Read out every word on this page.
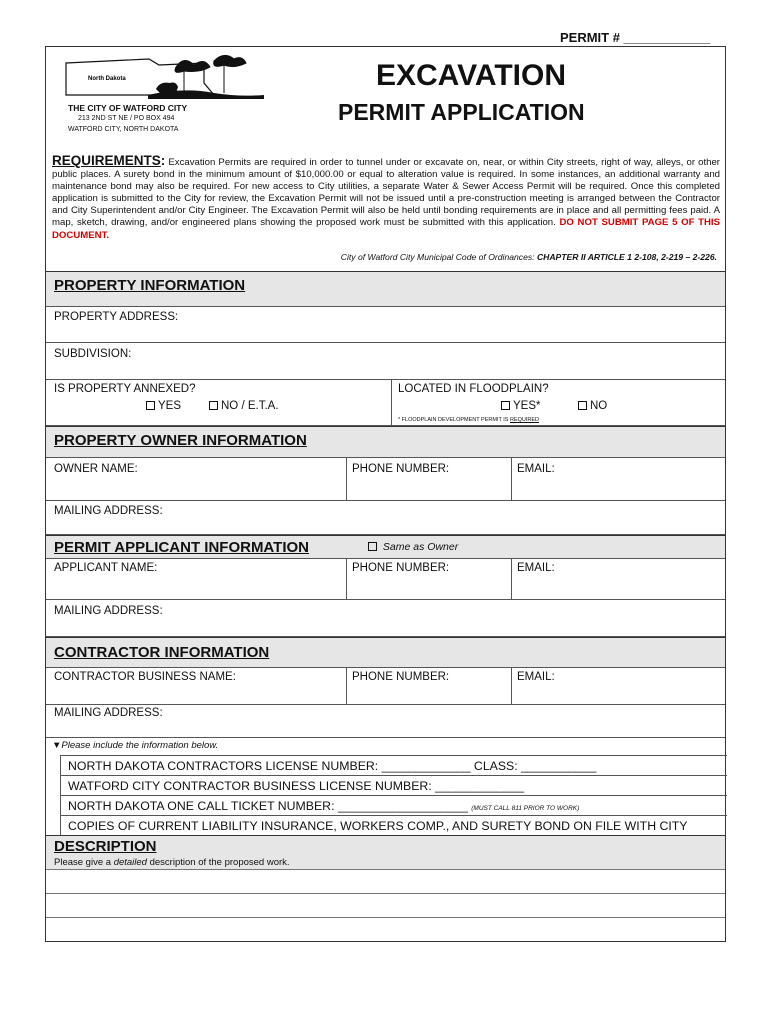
PERMIT # ____________
North Dakota
THE CITY OF WATFORD CITY
213 2ND ST NE / PO BOX 494
WATFORD CITY, NORTH DAKOTA
EXCAVATION
PERMIT APPLICATION
REQUIREMENTS: Excavation Permits are required in order to tunnel under or excavate on, near, or within City streets, right of way, alleys, or other public places. A surety bond in the minimum amount of $10,000.00 or equal to alteration value is required. In some instances, an additional warranty and maintenance bond may also be required. For new access to City utilities, a separate Water & Sewer Access Permit will be required. Once this completed application is submitted to the City for review, the Excavation Permit will not be issued until a pre-construction meeting is arranged between the Contractor and City Superintendent and/or City Engineer. The Excavation Permit will also be held until bonding requirements are in place and all permitting fees paid. A map, sketch, drawing, and/or engineered plans showing the proposed work must be submitted with this application. DO NOT SUBMIT PAGE 5 OF THIS DOCUMENT.
City of Watford City Municipal Code of Ordinances: CHAPTER II ARTICLE 1 2-108, 2-219 – 2-226.
PROPERTY INFORMATION
PROPERTY ADDRESS:
SUBDIVISION:
IS PROPERTY ANNEXED?
YES	NO / E.T.A.
LOCATED IN FLOODPLAIN?
YES*	NO
* FLOODPLAIN DEVELOPMENT PERMIT IS REQUIRED
PROPERTY OWNER INFORMATION
OWNER NAME:	PHONE NUMBER:	EMAIL:
MAILING ADDRESS:
PERMIT APPLICANT INFORMATION	Same as Owner
APPLICANT NAME:	PHONE NUMBER:	EMAIL:
MAILING ADDRESS:
CONTRACTOR INFORMATION
CONTRACTOR BUSINESS NAME:	PHONE NUMBER:	EMAIL:
MAILING ADDRESS:
▼Please include the information below.
NORTH DAKOTA CONTRACTORS LICENSE NUMBER: _____________ CLASS: ___________
WATFORD CITY CONTRACTOR BUSINESS LICENSE NUMBER: _____________
NORTH DAKOTA ONE CALL TICKET NUMBER: ___________________ (MUST CALL 811 PRIOR TO WORK)
COPIES OF CURRENT LIABILITY INSURANCE, WORKERS COMP., AND SURETY BOND ON FILE WITH CITY
DESCRIPTION
Please give a detailed description of the proposed work.
